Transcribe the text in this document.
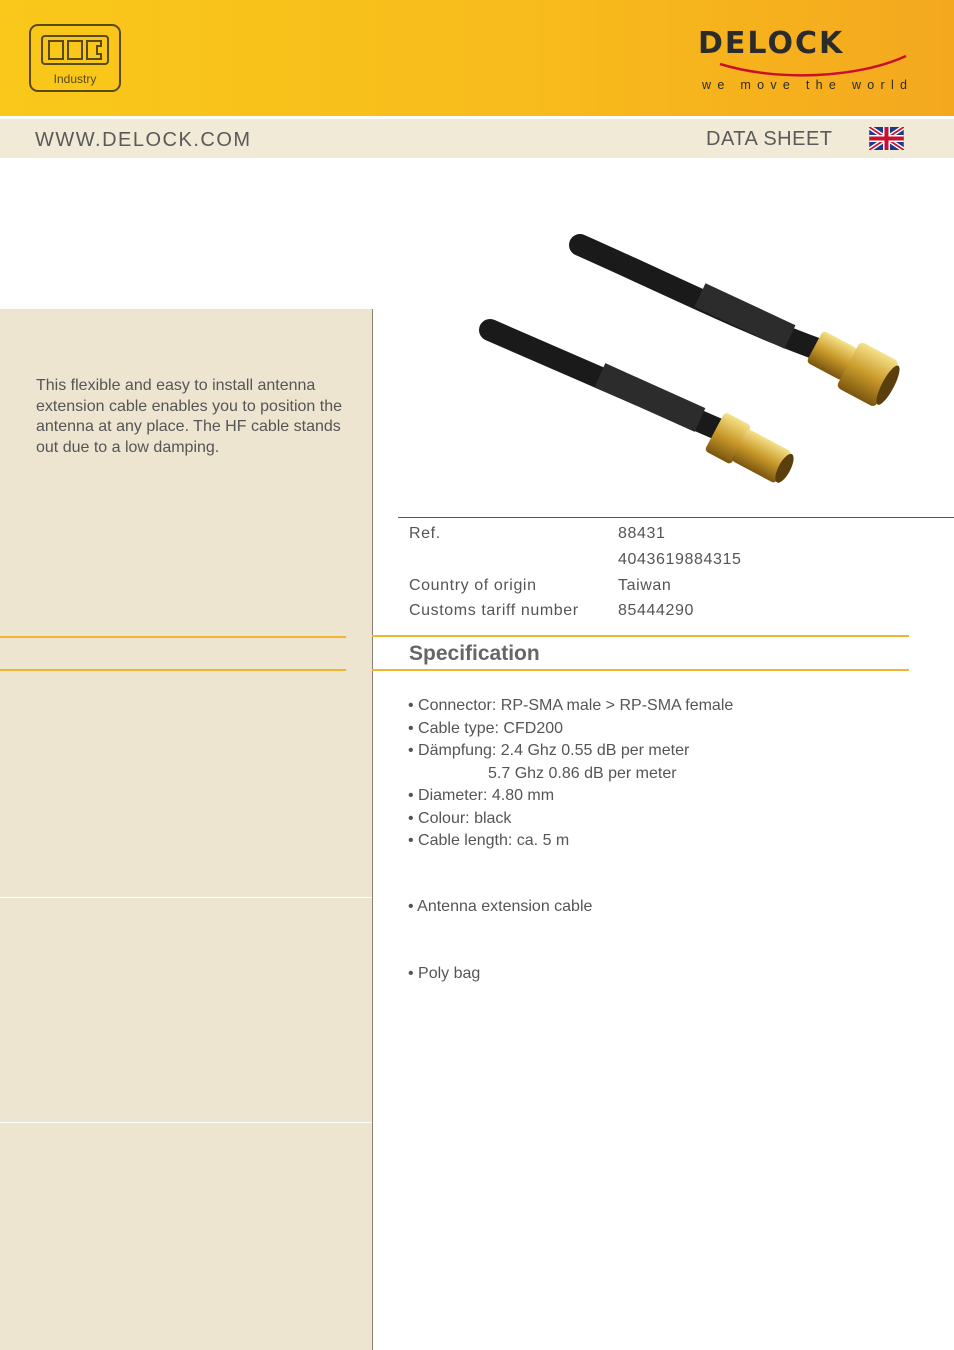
Industry
DELOCK
we move the world
WWW.DELOCK.COM	DATA SHEET
This flexible and easy to install antenna extension cable enables you to position the antenna at any place. The HF cable stands out due to a low damping.
Ref.	88431
4043619884315
Country of origin	Taiwan
Customs tariff number 85444290
Specification
• Connector: RP-SMA male > RP-SMA female
• Cable type: CFD200
• Dämpfung: 2.4 Ghz 0.55 dB per meter
5.7 Ghz 0.86 dB per meter
• Diameter: 4.80 mm
• Colour: black
• Cable length: ca. 5 m
• Antenna extension cable
• Poly bag
